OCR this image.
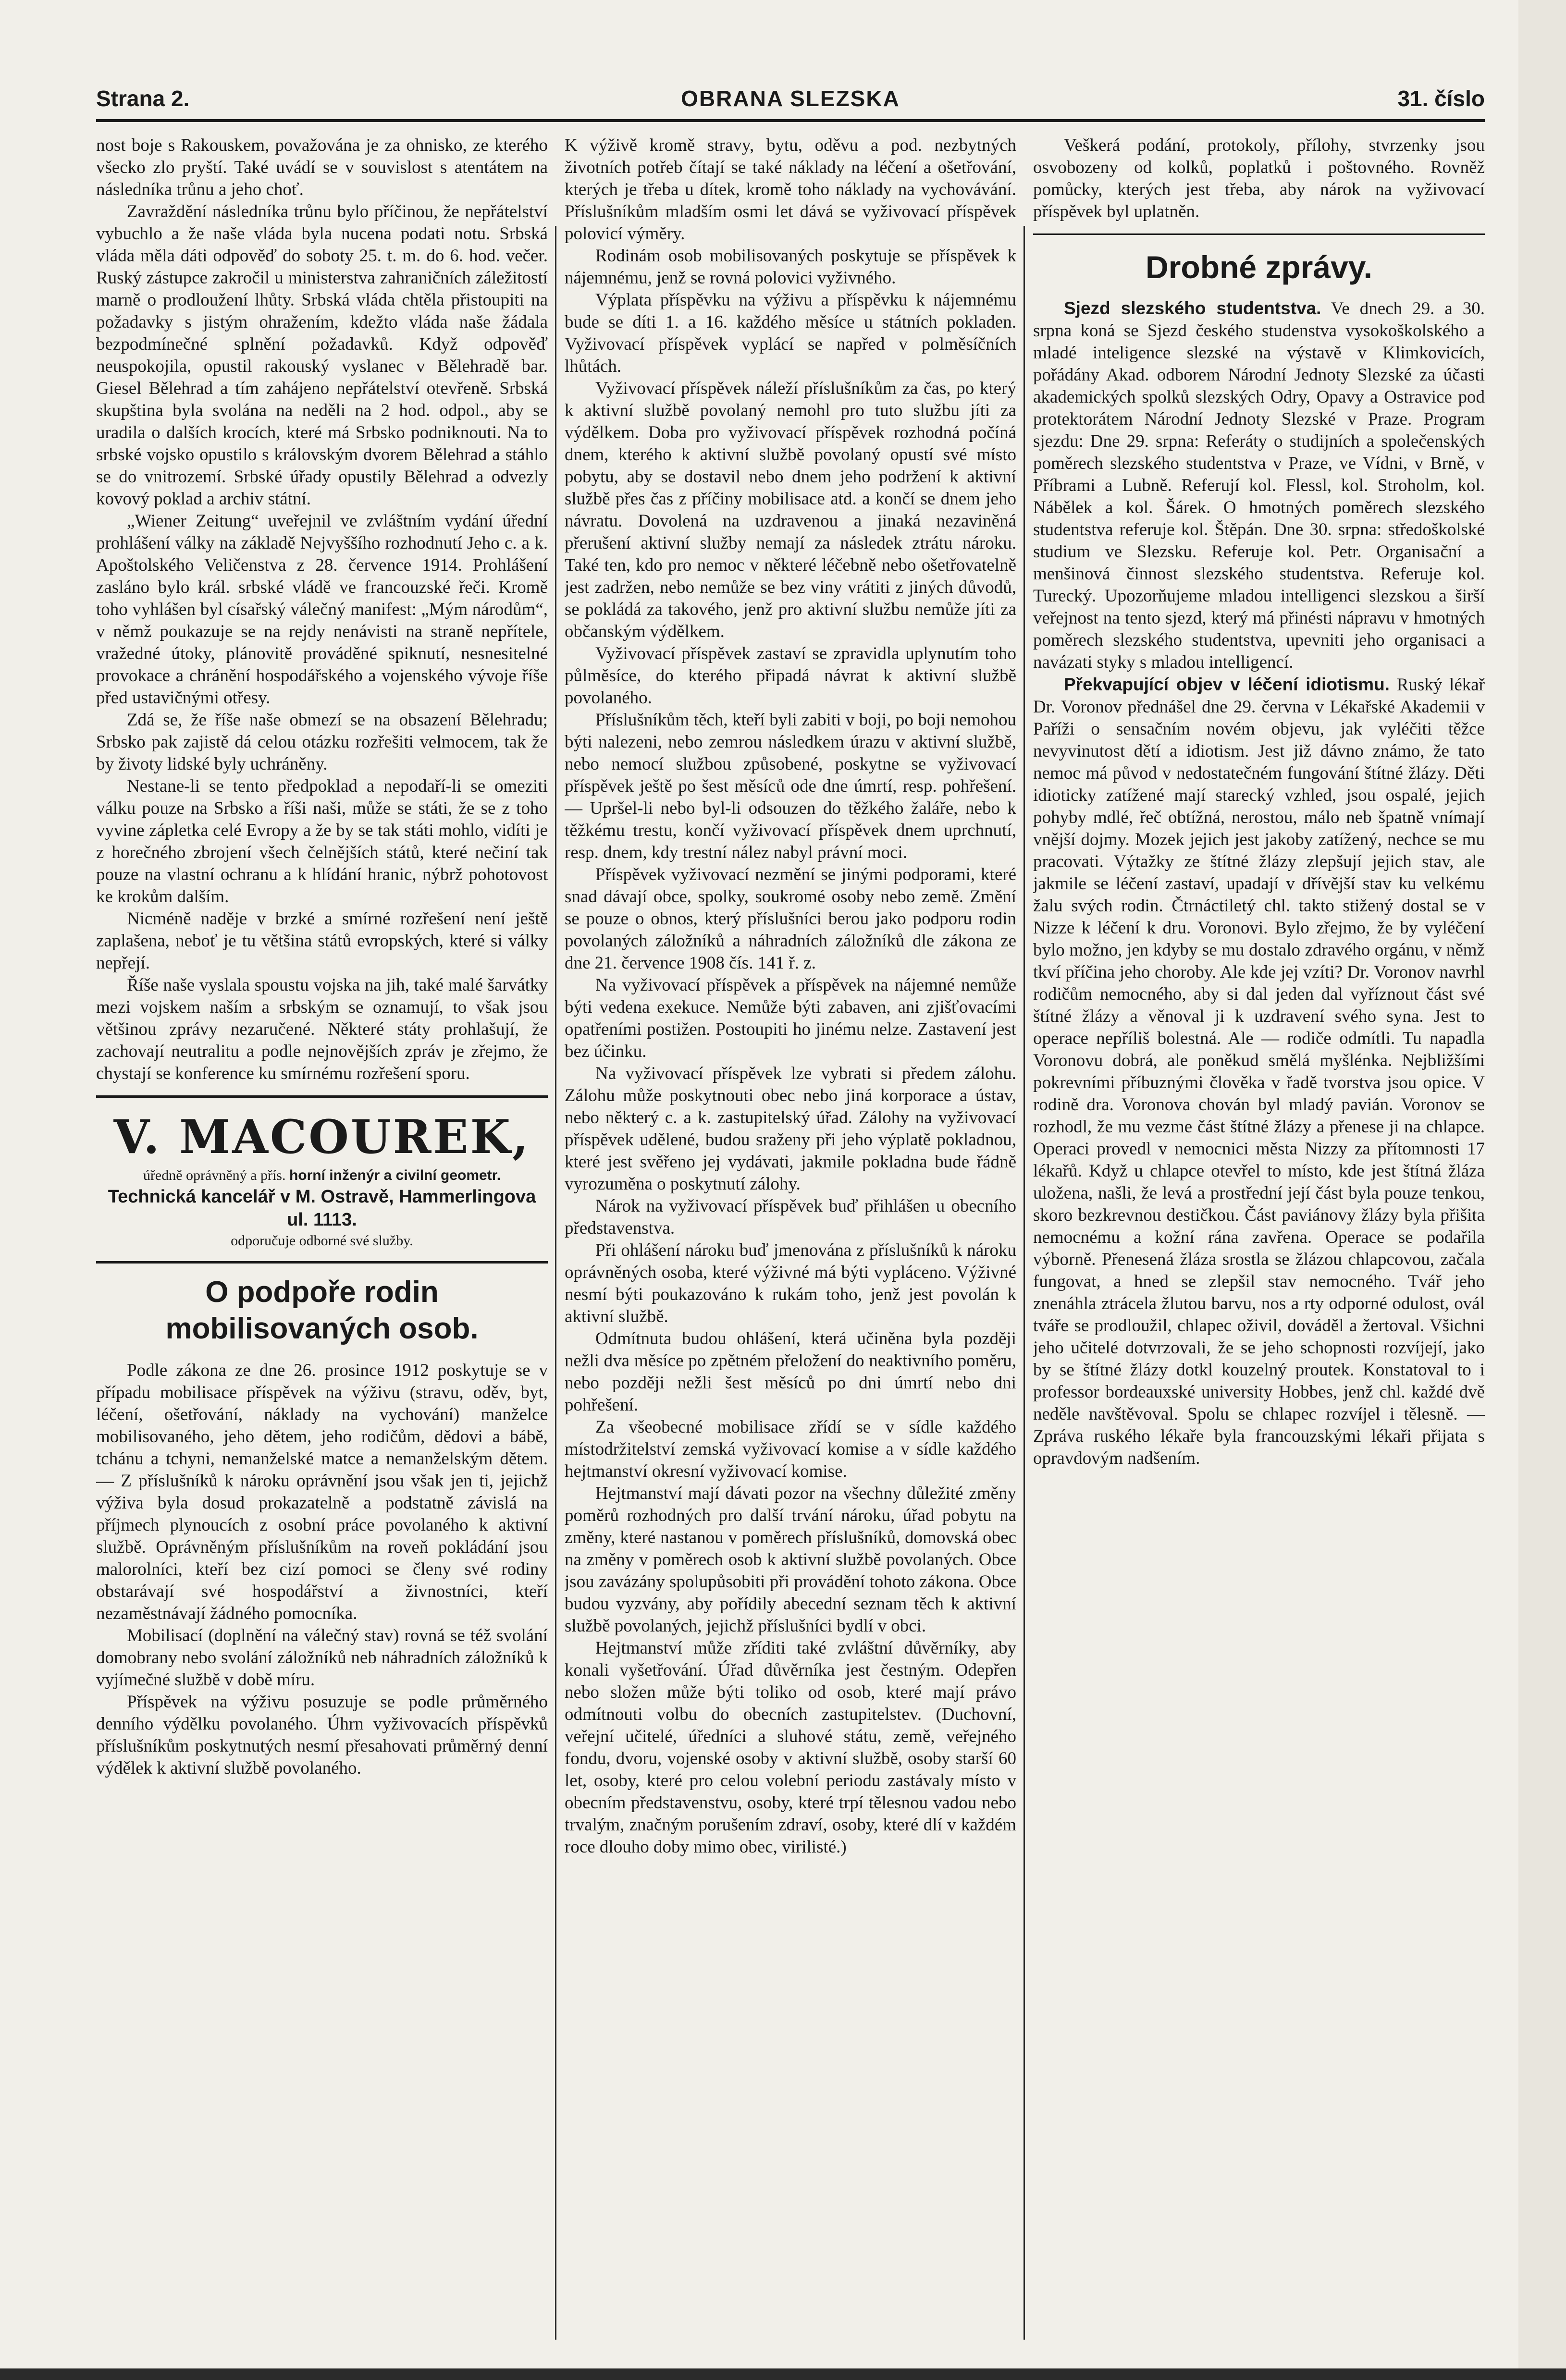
Strana 2.	OBRANA SLEZSKA	31. číslo

nost boje s Rakouskem, považována je za ohnisko, ze kterého všecko zlo pryští. Také uvádí se v souvislost s atentátem na následníka trůnu a jeho choť.

Zavraždění následníka trůnu bylo příčinou, že nepřátelství vybuchlo a že naše vláda byla nucena podati notu. Srbská vláda měla dáti odpověď do soboty 25. t. m. do 6. hod. večer. Ruský zástupce zakročil u ministerstva zahraničních záležitostí marně o prodloužení lhůty. Srbská vláda chtěla přistoupiti na požadavky s jistým ohražením, kdežto vláda naše žádala bezpodmínečné splnění požadavků. Když odpověď neuspokojila, opustil rakouský vyslanec v Bělehradě bar. Giesel Bělehrad a tím zahájeno nepřátelství otevřeně. Srbská skupština byla svolána na neděli na 2 hod. odpol., aby se uradila o dalších krocích, které má Srbsko podniknouti. Na to srbské vojsko opustilo s královským dvorem Bělehrad a stáhlo se do vnitrozemí. Srbské úřady opustily Bělehrad a odvezly kovový poklad a archiv státní.

„Wiener Zeitung“ uveřejnil ve zvláštním vydání úřední prohlášení války na základě Nejvyššího rozhodnutí Jeho c. a k. Apoštolského Veličenstva z 28. července 1914. Prohlášení zasláno bylo král. srbské vládě ve francouzské řeči. Kromě toho vyhlášen byl císařský válečný manifest: „Mým národům“, v němž poukazuje se na rejdy nenávisti na straně nepřítele, vražedné útoky, plánovitě prováděné spiknutí, nesnesitelné provokace a chránění hospodářského a vojenského vývoje říše před ustavičnými otřesy.

Zdá se, že říše naše obmezí se na obsazení Bělehradu; Srbsko pak zajistě dá celou otázku rozřešiti velmocem, tak že by životy lidské byly uchráněny.

Nestane-li se tento předpoklad a nepodaří-li se omeziti válku pouze na Srbsko a říši naši, může se státi, že se z toho vyvine zápletka celé Evropy a že by se tak státi mohlo, vidíti je z horečného zbrojení všech čelnějších států, které nečiní tak pouze na vlastní ochranu a k hlídání hranic, nýbrž pohotovost ke krokům dalším.

Nicméně naděje v brzké a smírné rozřešení není ještě zaplašena, neboť je tu většina států evropských, které si války nepřejí.

Říše naše vyslala spoustu vojska na jih, také malé šarvátky mezi vojskem naším a srbským se oznamují, to však jsou většinou zprávy nezaručené. Některé státy prohlašují, že zachovají neutralitu a podle nejnovějších zpráv je zřejmo, že chystají se konference ku smírnému rozřešení sporu.

V. MACOUREK,
úředně oprávněný a přís. horní inženýr a civilní geometr.
Technická kancelář v M. Ostravě, Hammerlingova ul. 1113.
odporučuje odborné své služby.
O podpoře rodin mobilisovaných osob.

Podle zákona ze dne 26. prosince 1912 poskytuje se v případu mobilisace příspěvek na výživu (stravu, oděv, byt, léčení, ošetřování, náklady na vychování) manželce mobilisovaného, jeho dětem, jeho rodičům, dědovi a bábě, tchánu a tchyni, nemanželské matce a nemanželským dětem. — Z příslušníků k nároku oprávnění jsou však jen ti, jejichž výživa byla dosud prokazatelně a podstatně závislá na příjmech plynoucích z osobní práce povolaného k aktivní službě. Oprávněným příslušníkům na roveň pokládání jsou malorolníci, kteří bez cizí pomoci se členy své rodiny obstarávají své hospodářství a živnostníci, kteří nezaměstnávají žádného pomocníka.

Mobilisací (doplnění na válečný stav) rovná se též svolání domobrany nebo svolání záložníků neb náhradních záložníků k vyjímečné službě v době míru.

Příspěvek na výživu posuzuje se podle průměrného denního výdělku povolaného. Úhrn vyživovacích příspěvků příslušníkům poskytnutých nesmí přesahovati průměrný denní výdělek k aktivní službě povolaného.

K výživě kromě stravy, bytu, oděvu a pod. nezbytných životních potřeb čítají se také náklady na léčení a ošetřování, kterých je třeba u dítek, kromě toho náklady na vychovávání. Příslušníkům mladším osmi let dává se vyživovací příspěvek polovicí výměry.

Rodinám osob mobilisovaných poskytuje se příspěvek k nájemnému, jenž se rovná polovici vyživného.

Výplata příspěvku na výživu a příspěvku k nájemnému bude se díti 1. a 16. každého měsíce u státních pokladen. Vyživovací příspěvek vyplácí se napřed v polměsíčních lhůtách.

Vyživovací příspěvek náleží příslušníkům za čas, po který k aktivní službě povolaný nemohl pro tuto službu jíti za výdělkem. Doba pro vyživovací příspěvek rozhodná počíná dnem, kterého k aktivní službě povolaný opustí své místo pobytu, aby se dostavil nebo dnem jeho podržení k aktivní službě přes čas z příčiny mobilisace atd. a končí se dnem jeho návratu. Dovolená na uzdravenou a jinaká nezaviněná přerušení aktivní služby nemají za následek ztrátu nároku. Také ten, kdo pro nemoc v některé léčebně nebo ošetřovatelně jest zadržen, nebo nemůže se bez viny vrátiti z jiných důvodů, se pokládá za takového, jenž pro aktivní službu nemůže jíti za občanským výdělkem.

Vyživovací příspěvek zastaví se zpravidla uplynutím toho půlměsíce, do kterého připadá návrat k aktivní službě povolaného.

Příslušníkům těch, kteří byli zabiti v boji, po boji nemohou býti nalezeni, nebo zemrou následkem úrazu v aktivní službě, nebo nemocí službou způsobené, poskytne se vyživovací příspěvek ještě po šest měsíců ode dne úmrtí, resp. pohřešení. — Upršel-li nebo byl-li odsouzen do těžkého žaláře, nebo k těžkému trestu, končí vyživovací příspěvek dnem uprchnutí, resp. dnem, kdy trestní nález nabyl právní moci.

Příspěvek vyživovací nezmění se jinými podporami, které snad dávají obce, spolky, soukromé osoby nebo země. Změní se pouze o obnos, který příslušníci berou jako podporu rodin povolaných záložníků a náhradních záložníků dle zákona ze dne 21. července 1908 čís. 141 ř. z.

Na vyživovací příspěvek a příspěvek na nájemné nemůže býti vedena exekuce. Nemůže býti zabaven, ani zjišťovacími opatřeními postižen. Postoupiti ho jinému nelze. Zastavení jest bez účinku.

Na vyživovací příspěvek lze vybrati si předem zálohu. Zálohu může poskytnouti obec nebo jiná korporace a ústav, nebo některý c. a k. zastupitelský úřad. Zálohy na vyživovací příspěvek udělené, budou sraženy při jeho výplatě pokladnou, které jest svěřeno jej vydávati, jakmile pokladna bude řádně vyrozuměna o poskytnutí zálohy.

Nárok na vyživovací příspěvek buď přihlášen u obecního představenstva.

Při ohlášení nároku buď jmenována z příslušníků k nároku oprávněných osoba, které výživné má býti vypláceno. Výživné nesmí býti poukazováno k rukám toho, jenž jest povolán k aktivní službě.

Odmítnuta budou ohlášení, která učiněna byla později nežli dva měsíce po zpětném přeložení do neaktivního poměru, nebo později nežli šest měsíců po dni úmrtí nebo dni pohřešení.

Za všeobecné mobilisace zřídí se v sídle každého místodržitelství zemská vyživovací komise a v sídle každého hejtmanství okresní vyživovací komise.

Hejtmanství mají dávati pozor na všechny důležité změny poměrů rozhodných pro další trvání nároku, úřad pobytu na změny, které nastanou v poměrech příslušníků, domovská obec na změny v poměrech osob k aktivní službě povolaných. Obce jsou zavázány spolupůsobiti při provádění tohoto zákona. Obce budou vyzvány, aby pořídily abecední seznam těch k aktivní službě povolaných, jejichž příslušníci bydlí v obci.

Hejtmanství může zříditi také zvláštní důvěrníky, aby konali vyšetřování. Úřad důvěrníka jest čestným. Odepřen nebo složen může býti toliko od osob, které mají právo odmítnouti volbu do obecních zastupitelstev. (Duchovní, veřejní učitelé, úředníci a sluhové státu, země, veřejného fondu, dvoru, vojenské osoby v aktivní službě, osoby starší 60 let, osoby, které pro celou volební periodu zastávaly místo v obecním představenstvu, osoby, které trpí tělesnou vadou nebo trvalým, značným porušením zdraví, osoby, které dlí v každém roce dlouho doby mimo obec, virilisté.)

Veškerá podání, protokoly, přílohy, stvrzenky jsou osvobozeny od kolků, poplatků i poštovného. Rovněž pomůcky, kterých jest třeba, aby nárok na vyživovací příspěvek byl uplatněn.

Drobné zprávy.

Sjezd slezského studentstva. Ve dnech 29. a 30. srpna koná se Sjezd českého studenstva vysokoškolského a mladé inteligence slezské na výstavě v Klimkovicích, pořádány Akad. odborem Národní Jednoty Slezské za účasti akademických spolků slezských Odry, Opavy a Ostravice pod protektorátem Národní Jednoty Slezské v Praze. Program sjezdu: Dne 29. srpna: Referáty o studijních a společenských poměrech slezského studentstva v Praze, ve Vídni, v Brně, v Příbrami a Lubně. Referují kol. Flessl, kol. Stroholm, kol. Nábělek a kol. Šárek. O hmotných poměrech slezského studentstva referuje kol. Štěpán. Dne 30. srpna: středoškolské studium ve Slezsku. Referuje kol. Petr. Organisační a menšinová činnost slezského studentstva. Referuje kol. Turecký. Upozorňujeme mladou intelligenci slezskou a širší veřejnost na tento sjezd, který má přinésti nápravu v hmotných poměrech slezského studentstva, upevniti jeho organisaci a navázati styky s mladou intelligencí.

Překvapující objev v léčení idiotismu. Ruský lékař Dr. Voronov přednášel dne 29. června v Lékařské Akademii v Paříži o sensačním novém objevu, jak vyléčiti těžce nevyvinutost dětí a idiotism. Jest již dávno známo, že tato nemoc má původ v nedostatečném fungování štítné žlázy. Děti idioticky zatížené mají starecký vzhled, jsou ospalé, jejich pohyby mdlé, řeč obtížná, nerostou, málo neb špatně vnímají vnější dojmy. Mozek jejich jest jakoby zatížený, nechce se mu pracovati. Výtažky ze štítné žlázy zlepšují jejich stav, ale jakmile se léčení zastaví, upadají v dřívější stav ku velkému žalu svých rodin. Čtrnáctiletý chl. takto stižený dostal se v Nizze k léčení k dru. Voronovi. Bylo zřejmo, že by vyléčení bylo možno, jen kdyby se mu dostalo zdravého orgánu, v němž tkví příčina jeho choroby. Ale kde jej vzíti? Dr. Voronov navrhl rodičům nemocného, aby si dal jeden dal vyříznout část své štítné žlázy a věnoval ji k uzdravení svého syna. Jest to operace nepříliš bolestná. Ale — rodiče odmítli. Tu napadla Voronovu dobrá, ale poněkud smělá myšlénka. Nejbližšími pokrevními příbuznými člověka v řadě tvorstva jsou opice. V rodině dra. Voronova chován byl mladý pavián. Voronov se rozhodl, že mu vezme část štítné žlázy a přenese ji na chlapce. Operaci provedl v nemocnici města Nizzy za přítomnosti 17 lékařů. Když u chlapce otevřel to místo, kde jest štítná žláza uložena, našli, že levá a prostřední její část byla pouze tenkou, skoro bezkrevnou destičkou. Část paviánovy žlázy byla přišita nemocnému a kožní rána zavřena. Operace se podařila výborně. Přenesená žláza srostla se žlázou chlapcovou, začala fungovat, a hned se zlepšil stav nemocného. Tvář jeho znenáhla ztrácela žlutou barvu, nos a rty odporné odulost, ovál tváře se prodloužil, chlapec oživil, dováděl a žertoval. Všichni jeho učitelé dotvrzovali, že se jeho schopnosti rozvíjejí, jako by se štítné žlázy dotkl kouzelný proutek. Konstatoval to i professor bordeauxské university Hobbes, jenž chl. každé dvě neděle navštěvoval. Spolu se chlapec rozvíjel i tělesně. — Zpráva ruského lékaře byla francouzskými lékaři přijata s opravdovým nadšením.
